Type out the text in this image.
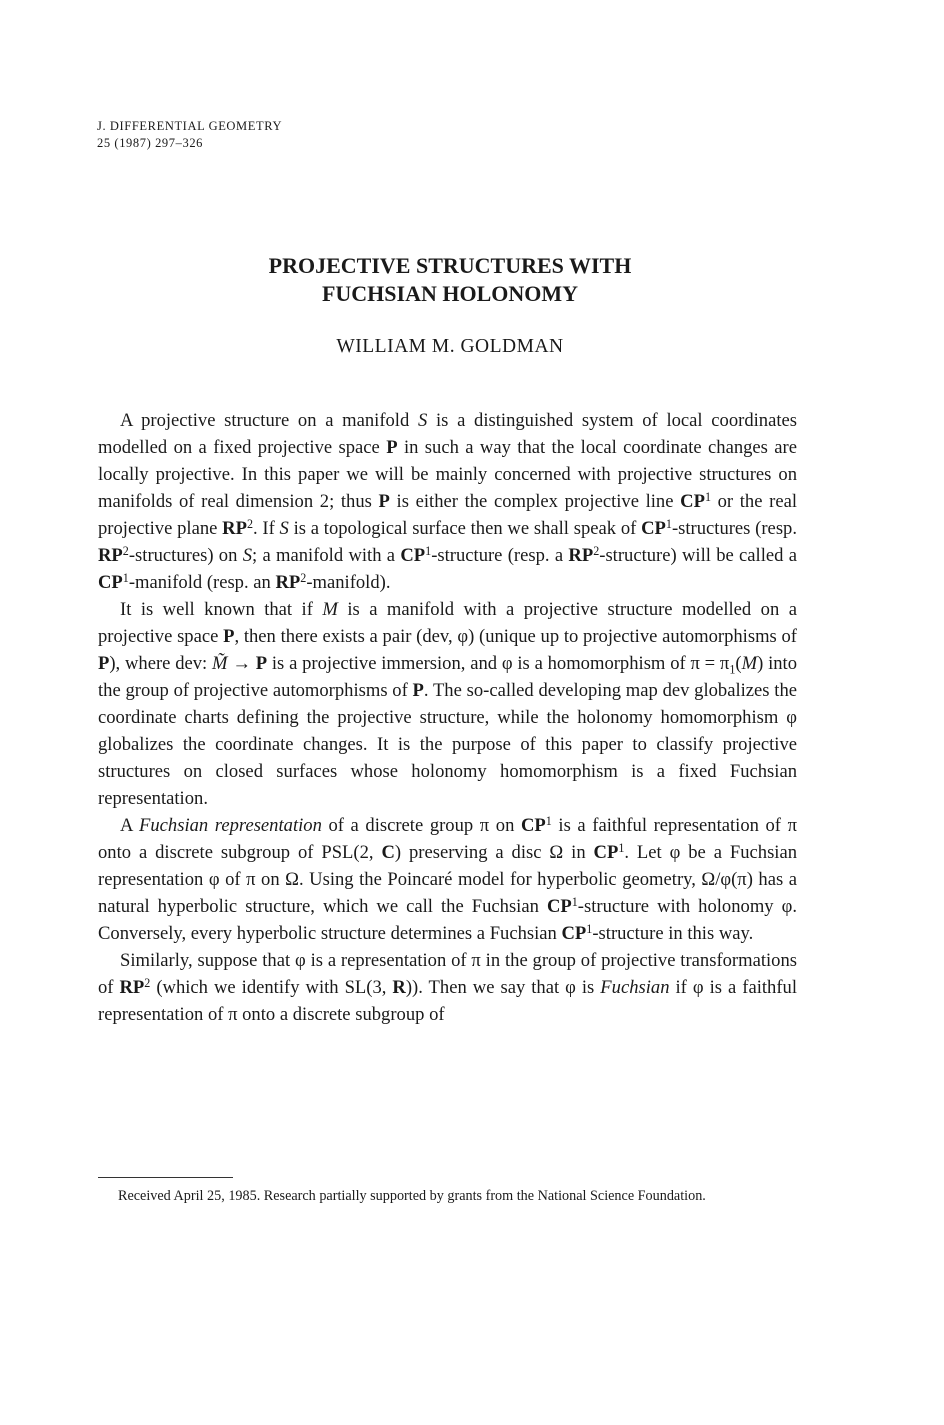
J. DIFFERENTIAL GEOMETRY
25 (1987) 297–326
PROJECTIVE STRUCTURES WITH
FUCHSIAN HOLONOMY
WILLIAM M. GOLDMAN

A projective structure on a manifold S is a distinguished system of local coordinates modelled on a fixed projective space P in such a way that the local coordinate changes are locally projective. In this paper we will be mainly concerned with projective structures on manifolds of real dimension 2; thus P is either the complex projective line $CP^1$ or the real projective plane $RP^2$. If S is a topological surface then we shall speak of $CP^1$-structures (resp. $RP^2-structures$) on S; a manifold with a $CP^1$-structure (resp. a $RP^2-structure$) will be called a $CP^1$-manifold (resp. an $RP^2-manifold$).

It is well known that if M is a manifold with a projective structure modelled on a projective space P, then there exists a pair (dev, φ) (unique up to projective automorphisms of P), where dev: M̃ → P is a projective immersion, and φ is a homomorphism of $\pi = \pi_1(M)$ into the group of projective automorphisms of P. The so-called developing map dev globalizes the coordinate charts defining the projective structure, while the holonomy homomorphism φ globalizes the coordinate changes. It is the purpose of this paper to classify projective structures on closed surfaces whose holonomy homomorphism is a fixed Fuchsian representation.

A Fuchsian representation of a discrete group π on $CP^1$ is a faithful representation of π onto a discrete subgroup of PSL(2, C) preserving a disc Ω in $CP^1$. Let φ be a Fuchsian representation φ of π on Ω. Using the Poincaré model for hyperbolic geometry, Ω/φ(π) has a natural hyperbolic structure, which we call the Fuchsian $CP^1$-structure with holonomy φ. Conversely, every hyperbolic structure determines a Fuchsian $CP^1$-structure in this way.

Similarly, suppose that φ is a representation of π in the group of projective transformations of $RP^2$ (which we identify with SL(3, R)). Then we say that φ is Fuchsian if φ is a faithful representation of π onto a discrete subgroup of

Received April 25, 1985. Research partially supported by grants from the National Science Foundation.
